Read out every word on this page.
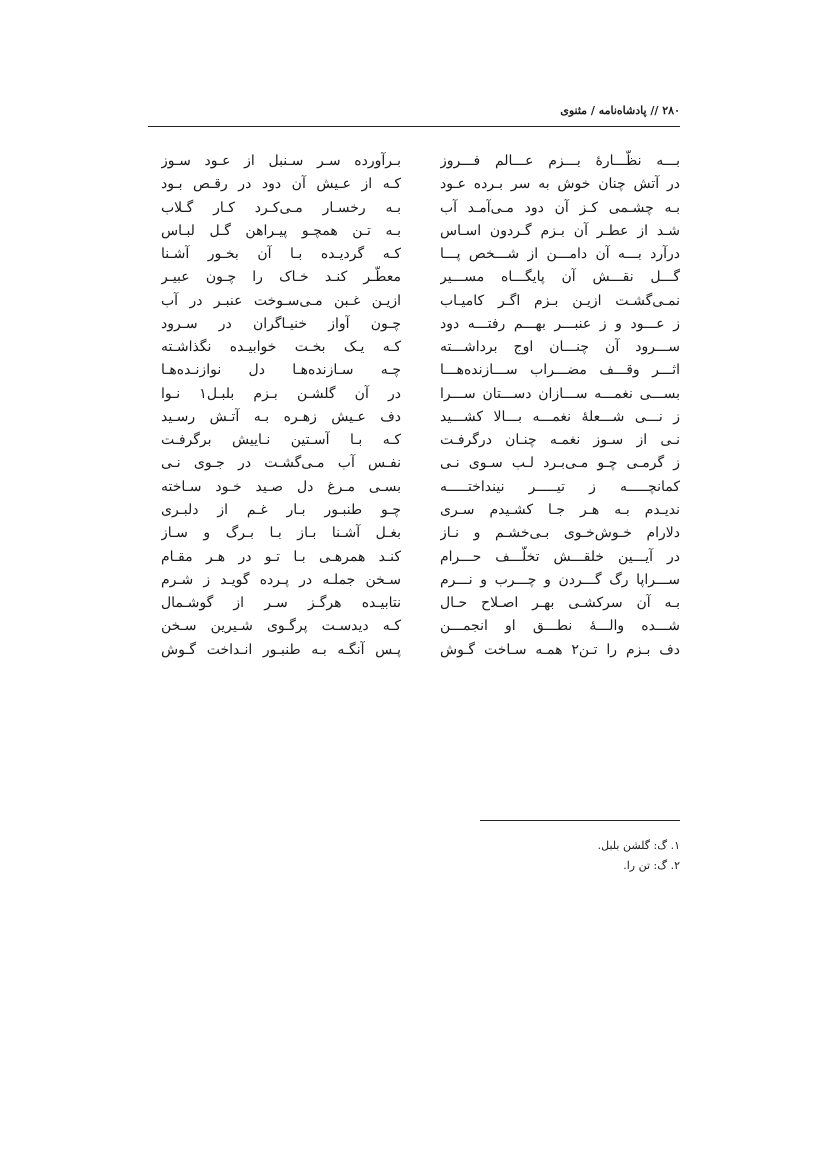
۲۸۰ // پادشاه‌نامه / مثنوی
بـــه نظّـــارهٔ بـــزم عـــالم فـــروز
در آتش چنان خوش به سر بـرده عـود
بـه چشـمی کـز آن دود مـی‌آمـد آب
شـد از عطـر آن بـزم گـردون اسـاس
درآرد بـــه آن دامـــن از شـــخص پـــا
گـــل نقـــش آن پایگـــاه مســـیر
نمـی‌گشـت ازیـن بـزم اگـر کامیـاب
ز عـــود و ز عنبـــر بهـــم رفتـــه دود
ســـرود آن چنـــان اوج برداشـــته
اثـــر وقـــف مضـــراب ســـازنده‌هـــا
بســـی نغمـــه ســـازان دســـتان ســـرا
ز نـــی شـــعلهٔ نغمـــه بـــالا کشـــید
نـی از سـوز نغمـه چنـان درگرفـت
ز گرمـی چـو مـی‌بـرد لـب سـوی نـی
کمانچـــــه ز تیـــــر نینداختـــــه
ندیـدم بـه هـر جـا کشـیدم سـری
دلارام خـوش‌خـوی بـی‌خشـم و نـاز
در آیـــین خلقـــش تخلّـــف حـــرام
ســـراپا رگ گـــردن و چـــرب و نـــرم
بـه آن سرکشـی بهـر اصـلاح حـال
شـــده والـــهٔ نطـــق او انجمـــن
دف بـزم را تـن۲ همـه سـاخت گـوش
بـرآورده سـر سـنبل از عـود سـوز
کـه از عـیش آن دود در رقـص بـود
بـه رخسـار مـی‌کـرد کـار گـلاب
بـه تـن همچـو پیـراهن گـل لبـاس
کـه گردیـده بـا آن بخـور آشـنا
معطّـر کنـد خـاک را چـون عبیـر
ازیـن غـبن مـی‌سـوخت عنبـر در آب
چـون آواز خنیـاگران در سـرود
کـه یـک بخـت خوابیـده نگذاشـته
چـه سـازنده‌هـا دل نوازنـده‌هـا
در آن گلشـن بـزم بلبـل۱ نـوا
دف عـیش زهـره بـه آتـش رسـید
کـه بـا آسـتین نـاییش برگرفـت
نفـس آب مـی‌گشـت در جـوی نـی
بسـی مـرغ دل صـید خـود سـاخته
چـو طنبـور بـار غـم از دلبـری
بغـل آشـنا بـاز بـا بـرگ و سـاز
کنـد همرهـی بـا تـو در هـر مقـام
سـخن جملـه در پـرده گویـد ز شـرم
نتابیـده هرگـز سـر از گوشـمال
کـه دیدسـت پرگـوی شـیرین سـخن
پـس آنگـه بـه طنبـور انـداخت گـوش
۱. گ: گلشن بلبل.
۲. گ: تن را.
